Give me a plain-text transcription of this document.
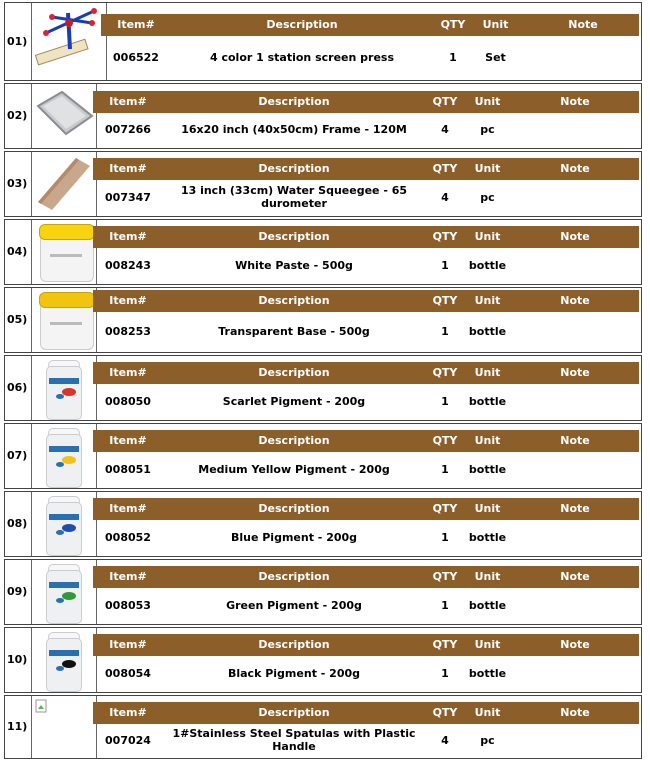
01)
Item#	Description	QTY	Unit	Note
006522	4 color 1 station screen press	1	Set
02)
Item#	Description	QTY	Unit	Note
007266	16x20 inch (40x50cm) Frame - 120M	4	pc
03)
Item#	Description	QTY	Unit	Note
007347	13 inch (33cm) Water Squeegee - 65 durometer	4	pc
04)
Item#	Description	QTY	Unit	Note
008243	White Paste - 500g	1	bottle
05)
Item#	Description	QTY	Unit	Note
008253	Transparent Base - 500g	1	bottle
06)
Item#	Description	QTY	Unit	Note
008050	Scarlet Pigment - 200g	1	bottle
07)
Item#	Description	QTY	Unit	Note
008051	Medium Yellow Pigment - 200g	1	bottle
08)
Item#	Description	QTY	Unit	Note
008052	Blue Pigment - 200g	1	bottle
09)
Item#	Description	QTY	Unit	Note
008053	Green Pigment - 200g	1	bottle
10)
Item#	Description	QTY	Unit	Note
008054	Black Pigment - 200g	1	bottle
11)
Item#	Description	QTY	Unit	Note
007024	1#Stainless Steel Spatulas with Plastic Handle	4	pc
